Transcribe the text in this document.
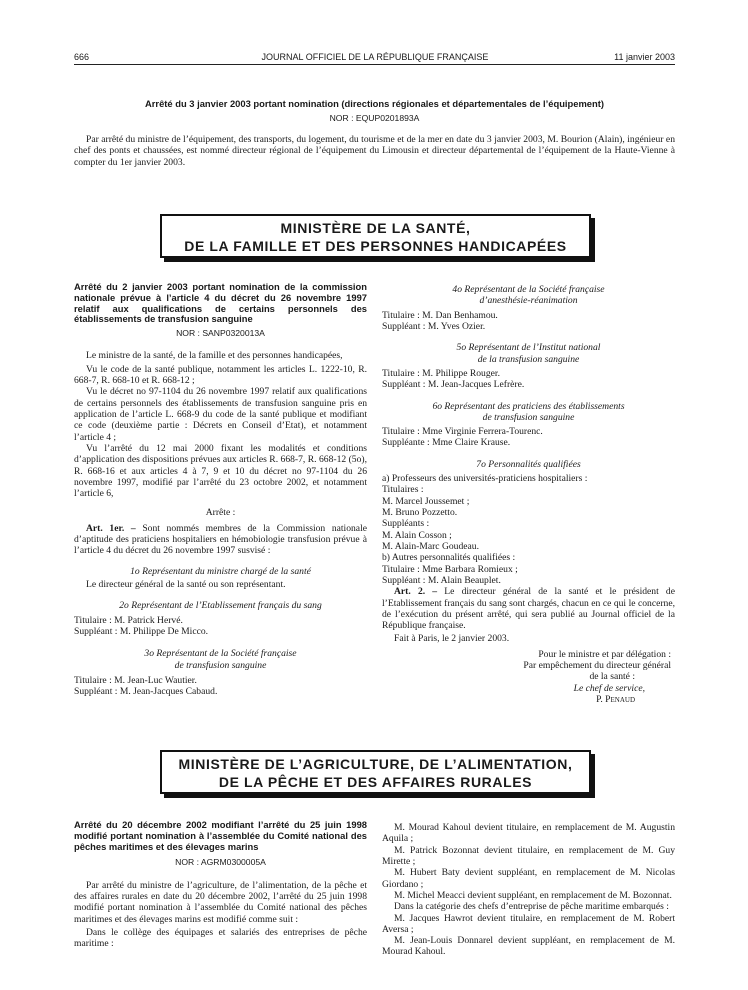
666	JOURNAL OFFICIEL DE LA RÉPUBLIQUE FRANÇAISE	11 janvier 2003
Arrêté du 3 janvier 2003 portant nomination (directions régionales et départementales de l’équipement)
NOR : EQUP0201893A

Par arrêté du ministre de l’équipement, des transports, du logement, du tourisme et de la mer en date du 3 janvier 2003, M. Bourion (Alain), ingénieur en chef des ponts et chaussées, est nommé directeur régional de l’équipement du Limousin et directeur départemental de l’équipement de la Haute-Vienne à compter du 1er janvier 2003.

MINISTÈRE DE LA SANTÉ,
DE LA FAMILLE ET DES PERSONNES HANDICAPÉES
Arrêté du 2 janvier 2003 portant nomination de la commission nationale prévue à l’article 4 du décret du 26 novembre 1997 relatif aux qualifications de certains personnels des établissements de transfusion sanguine
NOR : SANP0320013A

Le ministre de la santé, de la famille et des personnes handicapées,

Vu le code de la santé publique, notamment les articles L. 1222-10, R. 668-7, R. 668-10 et R. 668-12 ;

Vu le décret no 97-1104 du 26 novembre 1997 relatif aux qualifications de certains personnels des établissements de transfusion sanguine pris en application de l’article L. 668-9 du code de la santé publique et modifiant ce code (deuxième partie : Décrets en Conseil d’Etat), et notamment l’article 4 ;

Vu l’arrêté du 12 mai 2000 fixant les modalités et conditions d’application des dispositions prévues aux articles R. 668-7, R. 668-12 (5o), R. 668-16 et aux articles 4 à 7, 9 et 10 du décret no 97-1104 du 26 novembre 1997, modifié par l’arrêté du 23 octobre 2002, et notamment l’article 6,

Arrête :

Art. 1er. – Sont nommés membres de la Commission nationale d’aptitude des praticiens hospitaliers en hémobiologie transfusion prévue à l’article 4 du décret du 26 novembre 1997 susvisé :

1o Représentant du ministre chargé de la santé

Le directeur général de la santé ou son représentant.

2o Représentant de l’Etablissement français du sang

Titulaire : M. Patrick Hervé.

Suppléant : M. Philippe De Micco.

3o Représentant de la Société française

de transfusion sanguine

Titulaire : M. Jean-Luc Wautier.

Suppléant : M. Jean-Jacques Cabaud.

4o Représentant de la Société française

d’anesthésie-réanimation

Titulaire : M. Dan Benhamou.

Suppléant : M. Yves Ozier.

5o Représentant de l’Institut national

de la transfusion sanguine

Titulaire : M. Philippe Rouger.

Suppléant : M. Jean-Jacques Lefrère.

6o Représentant des praticiens des établissements

de transfusion sanguine

Titulaire : Mme Virginie Ferrera-Tourenc.

Suppléante : Mme Claire Krause.

7o Personnalités qualifiées

a) Professeurs des universités-praticiens hospitaliers :

Titulaires :

M. Marcel Joussemet ;

M. Bruno Pozzetto.

Suppléants :

M. Alain Cosson ;

M. Alain-Marc Goudeau.

b) Autres personnalités qualifiées :

Titulaire : Mme Barbara Romieux ;

Suppléant : M. Alain Beauplet.

Art. 2. – Le directeur général de la santé et le président de l’Etablissement français du sang sont chargés, chacun en ce qui le concerne, de l’exécution du présent arrêté, qui sera publié au Journal officiel de la République française.

Fait à Paris, le 2 janvier 2003.

Pour le ministre et par délégation :

Par empêchement du directeur général

de la santé :

Le chef de service,

P. Penaud

MINISTÈRE DE L’AGRICULTURE, DE L’ALIMENTATION,
DE LA PÊCHE ET DES AFFAIRES RURALES
Arrêté du 20 décembre 2002 modifiant l’arrêté du 25 juin 1998 modifié portant nomination à l’assemblée du Comité national des pêches maritimes et des élevages marins
NOR : AGRM0300005A

Par arrêté du ministre de l’agriculture, de l’alimentation, de la pêche et des affaires rurales en date du 20 décembre 2002, l’arrêté du 25 juin 1998 modifié portant nomination à l’assemblée du Comité national des pêches maritimes et des élevages marins est modifié comme suit :

Dans le collège des équipages et salariés des entreprises de pêche maritime :

M. Mourad Kahoul devient titulaire, en remplacement de M. Augustin Aquila ;

M. Patrick Bozonnat devient titulaire, en remplacement de M. Guy Mirette ;

M. Hubert Baty devient suppléant, en remplacement de M. Nicolas Giordano ;

M. Michel Meacci devient suppléant, en remplacement de M. Bozonnat.

Dans la catégorie des chefs d’entreprise de pêche maritime embarqués :

M. Jacques Hawrot devient titulaire, en remplacement de M. Robert Aversa ;

M. Jean-Louis Donnarel devient suppléant, en remplacement de M. Mourad Kahoul.
